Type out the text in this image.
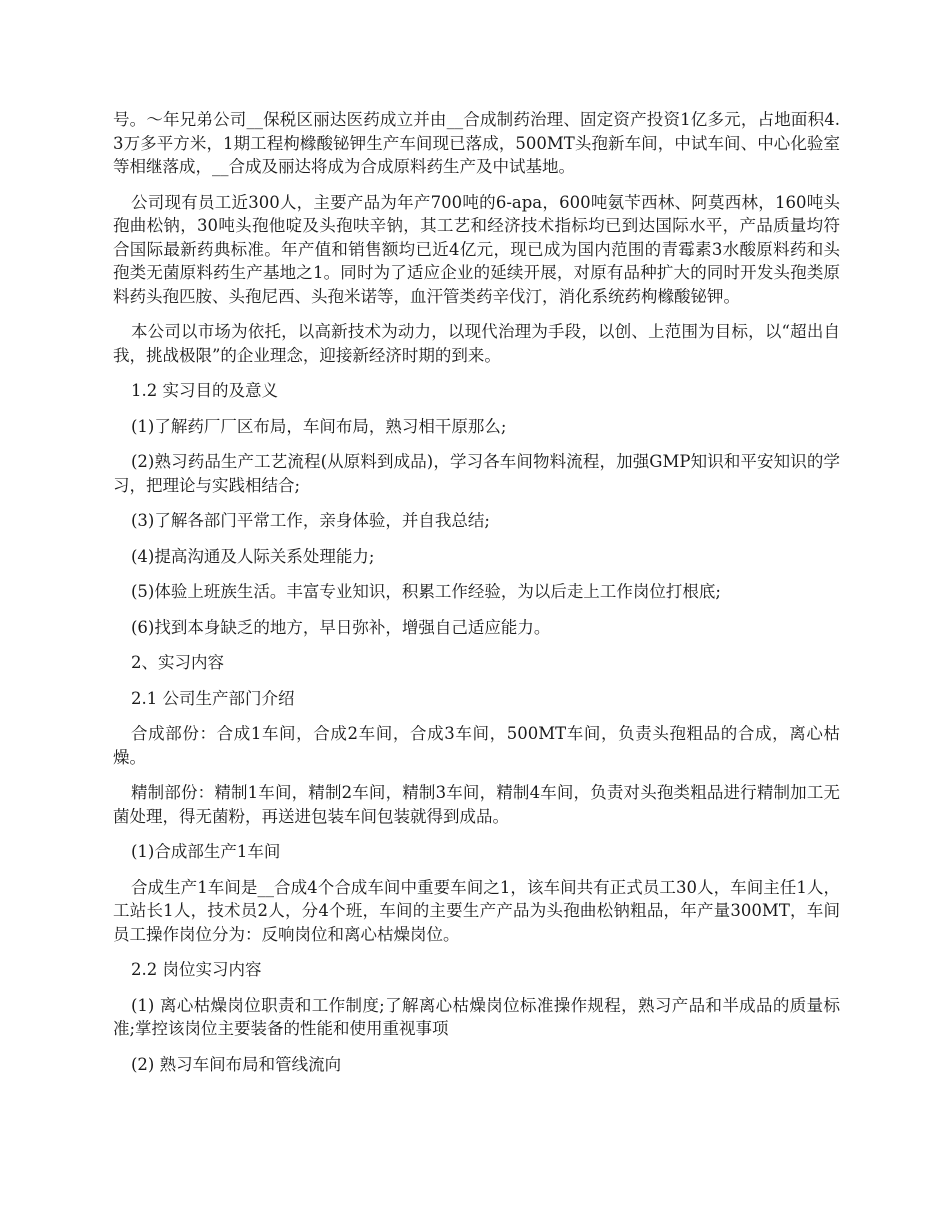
号。～年兄弟公司__保税区丽达医药成立并由__合成制药治理、固定资产投资1亿多元，占地面积4.3万多平方米，1期工程枸橼酸铋钾生产车间现已落成，500MT头孢新车间，中试车间、中心化验室等相继落成，__合成及丽达将成为合成原料药生产及中试基地。

公司现有员工近300人，主要产品为年产700吨的6-apa，600吨氨苄西林、阿莫西林，160吨头孢曲松钠，30吨头孢他啶及头孢呋辛钠，其工艺和经济技术指标均已到达国际水平，产品质量均符合国际最新药典标准。年产值和销售额均已近4亿元，现已成为国内范围的青霉素3水酸原料药和头孢类无菌原料药生产基地之1。同时为了适应企业的延续开展，对原有品种扩大的同时开发头孢类原料药头孢匹胺、头孢尼西、头孢米诺等，血汗管类药辛伐汀，消化系统药枸橼酸铋钾。

本公司以市场为依托，以高新技术为动力，以现代治理为手段，以创、上范围为目标，以“超出自我，挑战极限”的企业理念，迎接新经济时期的到来。

1.2 实习目的及意义

(1)了解药厂厂区布局，车间布局，熟习相干原那么;

(2)熟习药品生产工艺流程(从原料到成品)，学习各车间物料流程，加强GMP知识和平安知识的学习，把理论与实践相结合;

(3)了解各部门平常工作，亲身体验，并自我总结;

(4)提高沟通及人际关系处理能力;

(5)体验上班族生活。丰富专业知识，积累工作经验，为以后走上工作岗位打根底;

(6)找到本身缺乏的地方，早日弥补，增强自己适应能力。

2、实习内容

2.1 公司生产部门介绍

合成部份：合成1车间，合成2车间，合成3车间，500MT车间，负责头孢粗品的合成，离心枯燥。

精制部份：精制1车间，精制2车间，精制3车间，精制4车间，负责对头孢类粗品进行精制加工无菌处理，得无菌粉，再送进包装车间包装就得到成品。

(1)合成部生产1车间

合成生产1车间是__合成4个合成车间中重要车间之1，该车间共有正式员工30人，车间主任1人，工站长1人，技术员2人，分4个班，车间的主要生产产品为头孢曲松钠粗品，年产量300MT，车间员工操作岗位分为：反响岗位和离心枯燥岗位。

2.2 岗位实习内容

(1) 离心枯燥岗位职责和工作制度;了解离心枯燥岗位标准操作规程，熟习产品和半成品的质量标准;掌控该岗位主要装备的性能和使用重视事项

(2) 熟习车间布局和管线流向
